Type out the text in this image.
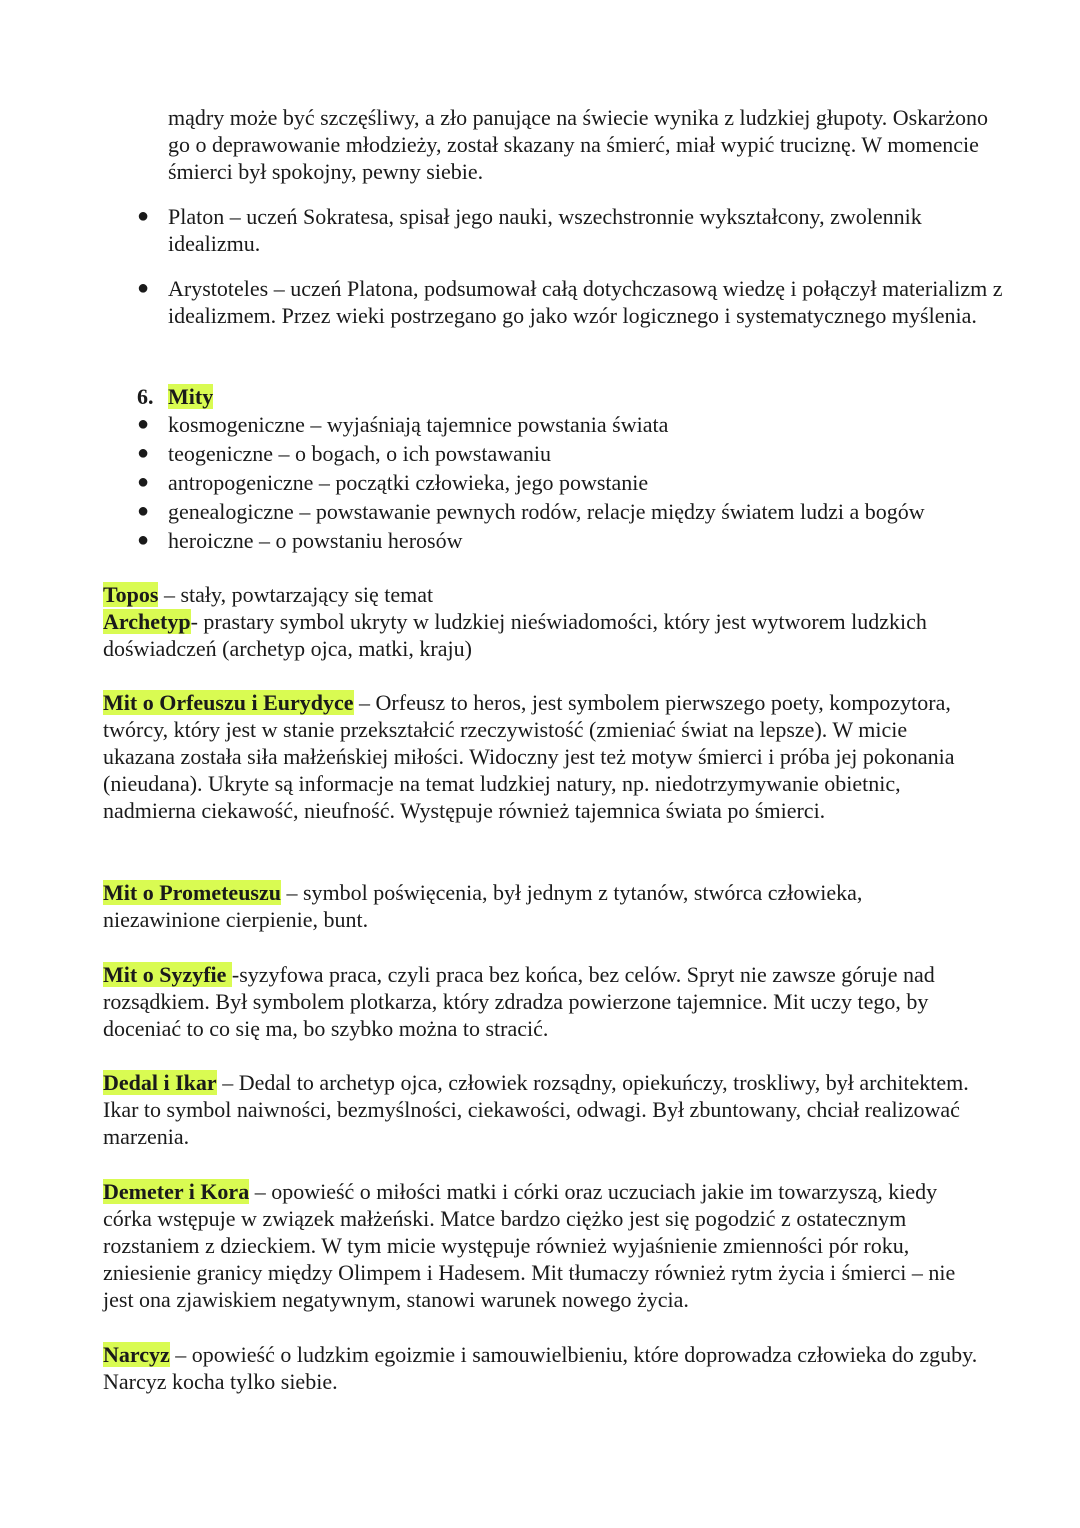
mądry może być szczęśliwy, a zło panujące na świecie wynika z ludzkiej głupoty. Oskarżono go o deprawowanie młodzieży, został skazany na śmierć, miał wypić truciznę. W momencie śmierci był spokojny, pewny siebie.

● Platon – uczeń Sokratesa, spisał jego nauki, wszechstronnie wykształcony, zwolennik idealizmu.
● Arystoteles – uczeń Platona, podsumował całą dotychczasową wiedzę i połączył materializm z idealizmem. Przez wieki postrzegano go jako wzór logicznego i systematycznego myślenia.
6. Mity
● kosmogeniczne – wyjaśniają tajemnice powstania świata
● teogeniczne – o bogach, o ich powstawaniu
● antropogeniczne – początki człowieka, jego powstanie
● genealogiczne – powstawanie pewnych rodów, relacje między światem ludzi a bogów
● heroiczne – o powstaniu herosów

Topos – stały, powtarzający się temat

Archetyp- prastary symbol ukryty w ludzkiej nieświadomości, który jest wytworem ludzkich doświadczeń (archetyp ojca, matki, kraju)

Mit o Orfeuszu i Eurydyce – Orfeusz to heros, jest symbolem pierwszego poety, kompozytora, twórcy, który jest w stanie przekształcić rzeczywistość (zmieniać świat na lepsze). W micie ukazana została siła małżeńskiej miłości. Widoczny jest też motyw śmierci i próba jej pokonania (nieudana). Ukryte są informacje na temat ludzkiej natury, np. niedotrzymywanie obietnic, nadmierna ciekawość, nieufność. Występuje również tajemnica świata po śmierci.

Mit o Prometeuszu – symbol poświęcenia, był jednym z tytanów, stwórca człowieka, niezawinione cierpienie, bunt.

Mit o Syzyfie -syzyfowa praca, czyli praca bez końca, bez celów. Spryt nie zawsze góruje nad rozsądkiem. Był symbolem plotkarza, który zdradza powierzone tajemnice. Mit uczy tego, by doceniać to co się ma, bo szybko można to stracić.

Dedal i Ikar – Dedal to archetyp ojca, człowiek rozsądny, opiekuńczy, troskliwy, był architektem. Ikar to symbol naiwności, bezmyślności, ciekawości, odwagi. Był zbuntowany, chciał realizować marzenia.

Demeter i Kora – opowieść o miłości matki i córki oraz uczuciach jakie im towarzyszą, kiedy córka wstępuje w związek małżeński. Matce bardzo ciężko jest się pogodzić z ostatecznym rozstaniem z dzieckiem. W tym micie występuje również wyjaśnienie zmienności pór roku, zniesienie granicy między Olimpem i Hadesem. Mit tłumaczy również rytm życia i śmierci – nie jest ona zjawiskiem negatywnym, stanowi warunek nowego życia.

Narcyz – opowieść o ludzkim egoizmie i samouwielbieniu, które doprowadza człowieka do zguby. Narcyz kocha tylko siebie.
